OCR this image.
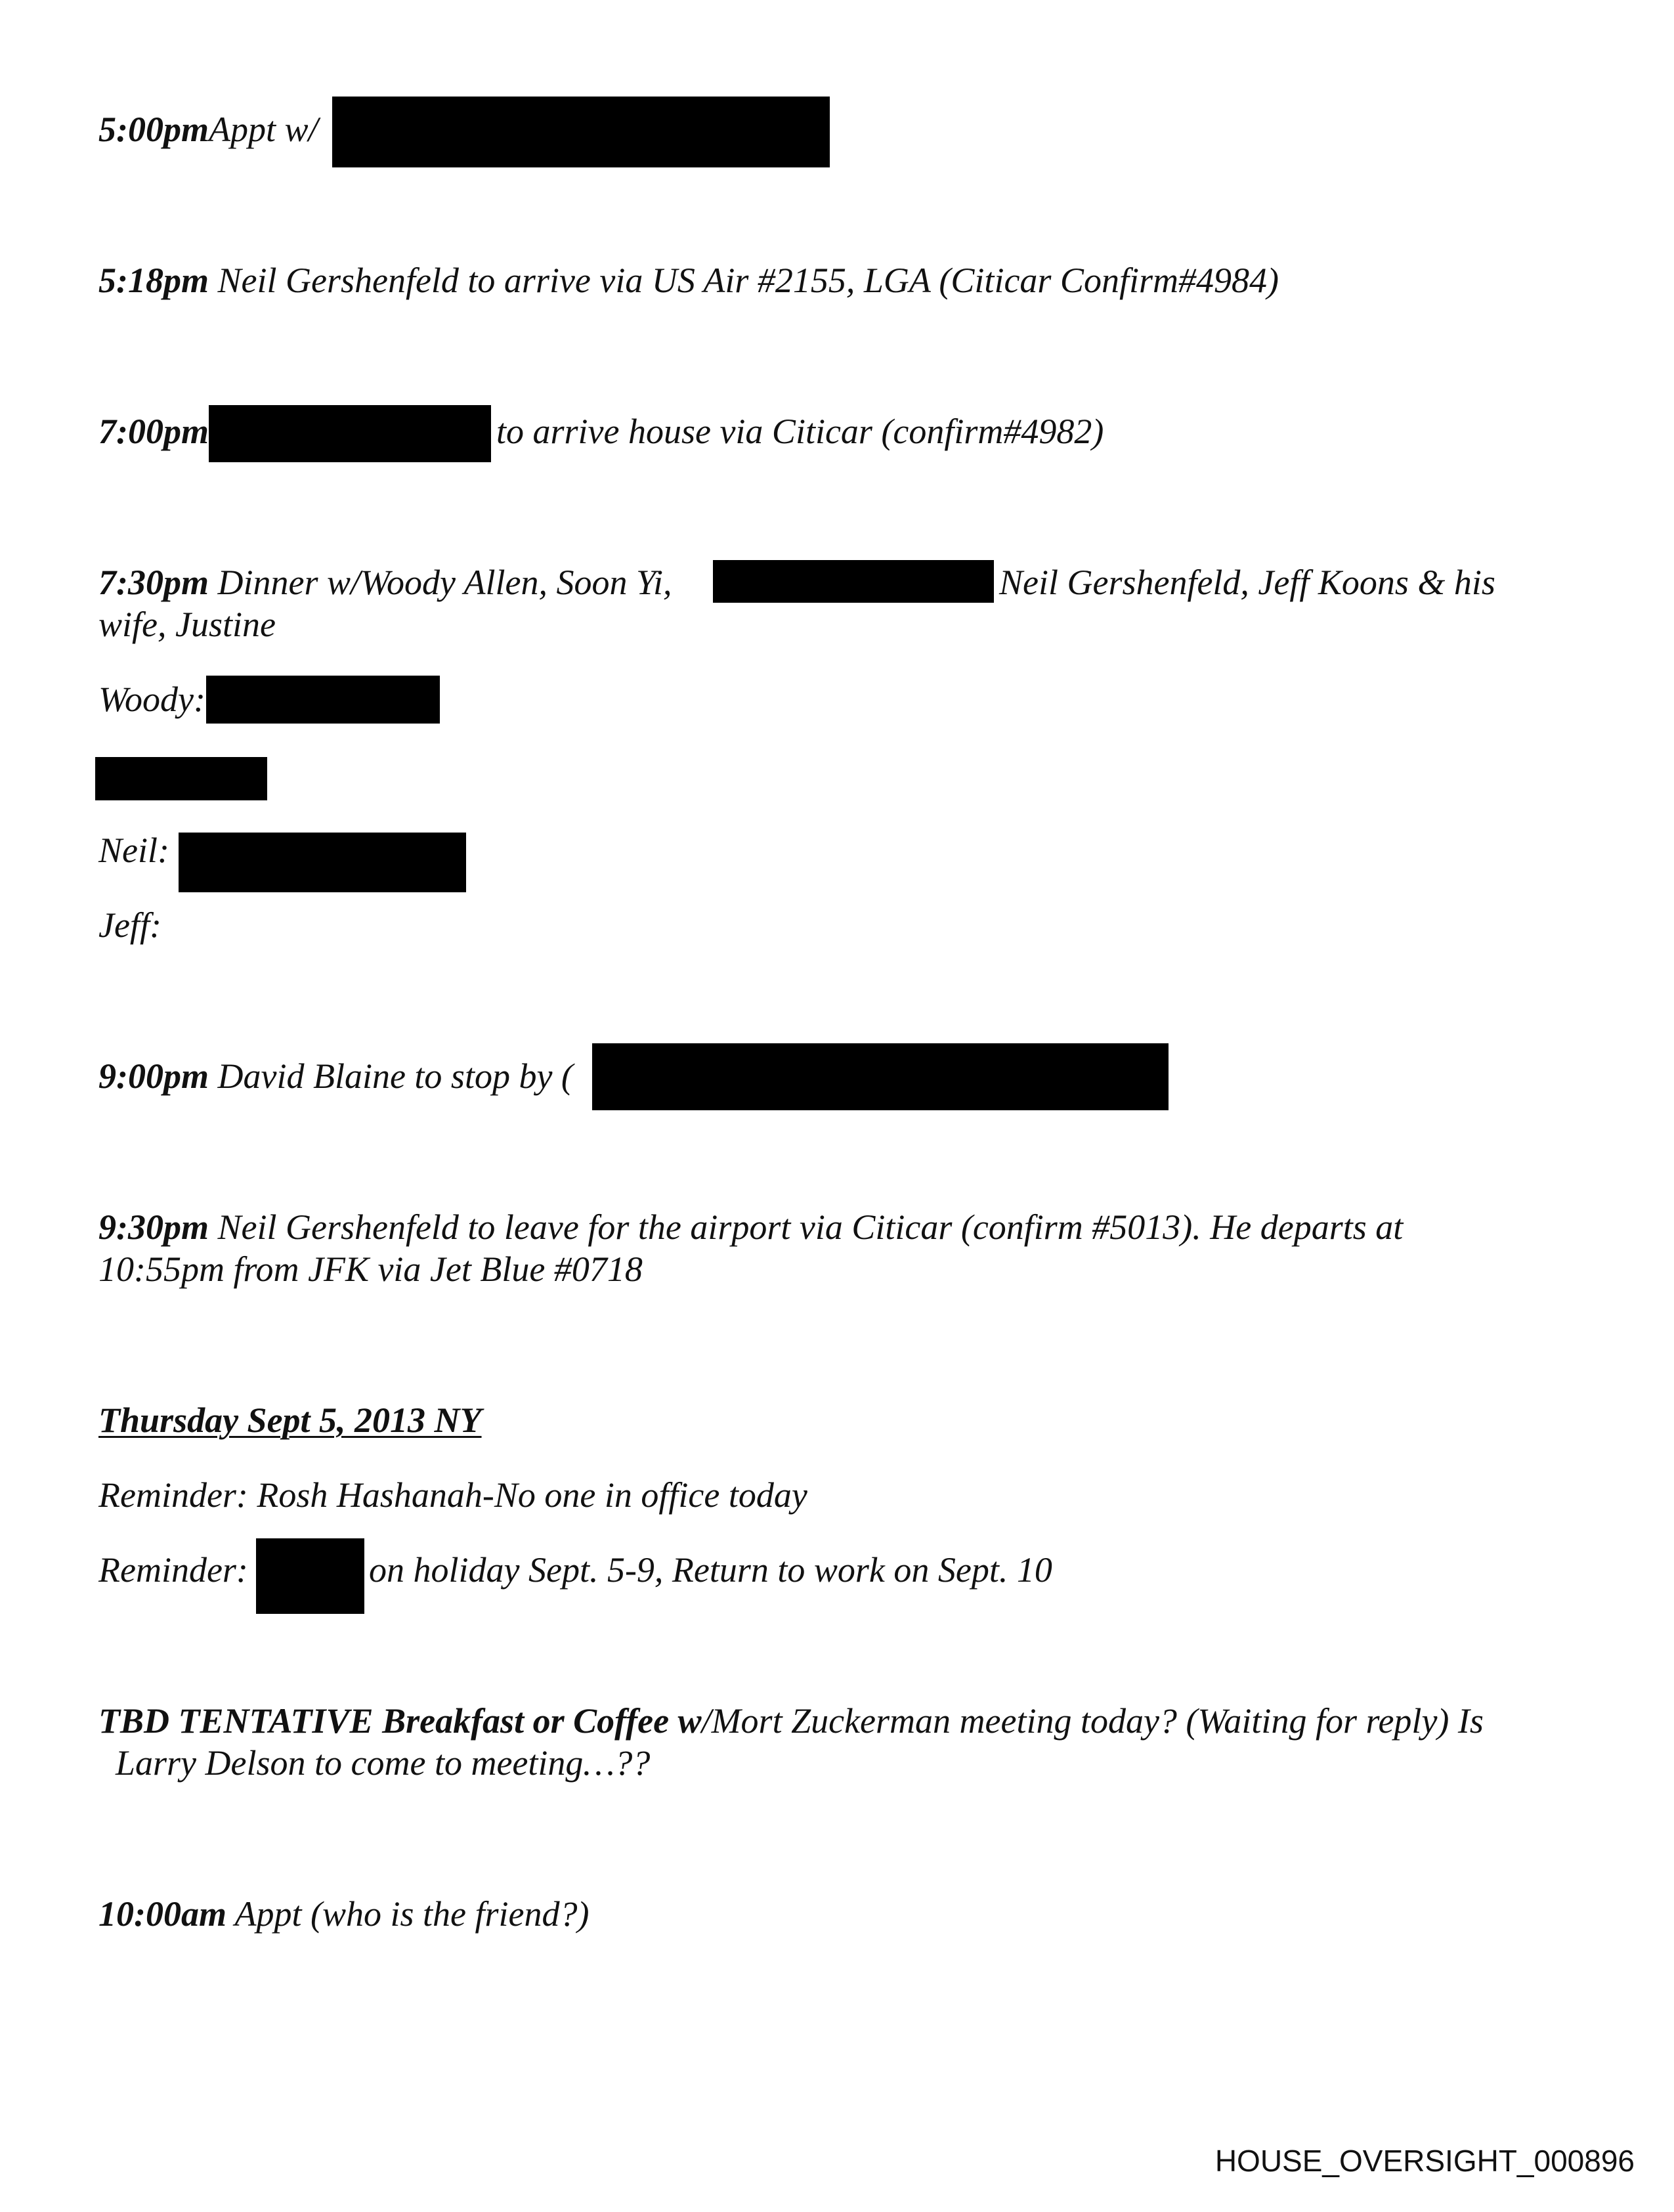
5:00pmAppt w/
5:18pm Neil Gershenfeld to arrive via US Air #2155, LGA (Citicar Confirm#4984)
7:00pm	to arrive house via Citicar (confirm#4982)
7:30pm Dinner w/Woody Allen, Soon Yi,	Neil Gershenfeld, Jeff Koons & his
wife, Justine
Woody:
Neil:
Jeff:
9:00pm David Blaine to stop by (
9:30pm Neil Gershenfeld to leave for the airport via Citicar (confirm #5013). He departs at
10:55pm from JFK via Jet Blue #0718
Thursday Sept 5, 2013 NY
Reminder: Rosh Hashanah-No one in office today
Reminder:	on holiday Sept. 5-9, Return to work on Sept. 10
TBD TENTATIVE Breakfast or Coffee w/Mort Zuckerman meeting today? (Waiting for reply) Is
Larry Delson to come to meeting…??
10:00am Appt (who is the friend?)
HOUSE_OVERSIGHT_000896
